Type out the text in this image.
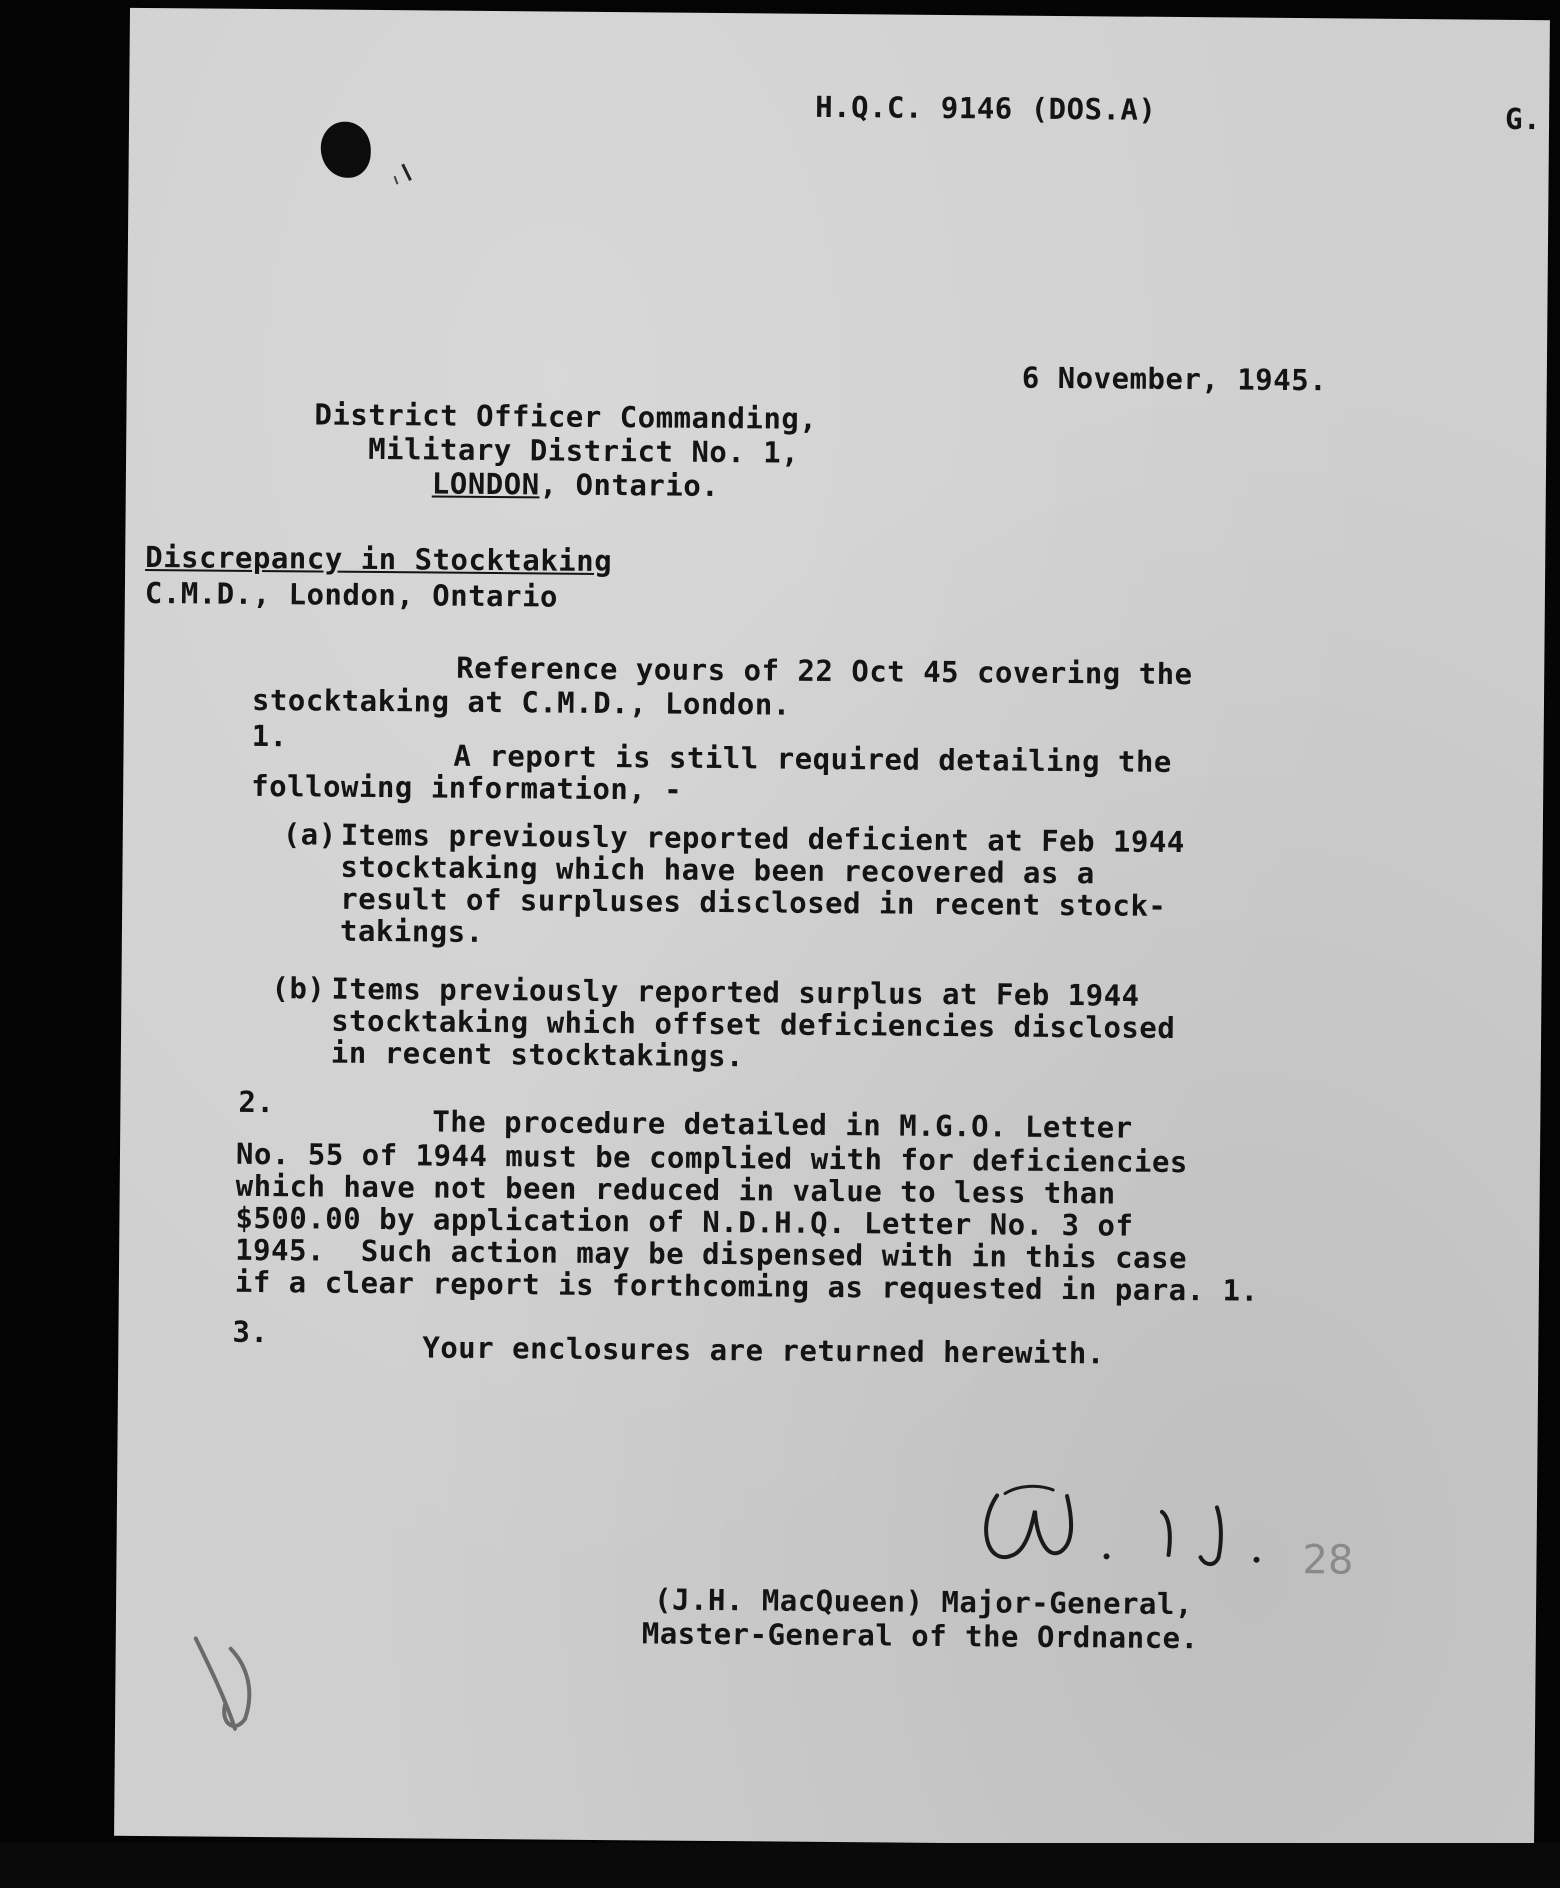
H.Q.C. 9146 (DOS.A)	G.
6 November, 1945.
District Officer Commanding,
Military District No. 1,
LONDON, Ontario.
Discrepancy in Stocktaking
C.M.D., London, Ontario
Reference yours of 22 Oct 45 covering the
stocktaking at C.M.D., London.
1.
A report is still required detailing the
following information, -
(a) Items previously reported deficient at Feb 1944
stocktaking which have been recovered as a
result of surpluses disclosed in recent stock-
takings.
(b) Items previously reported surplus at Feb 1944
stocktaking which offset deficiencies disclosed
in recent stocktakings.
2.
The procedure detailed in M.G.O. Letter
No. 55 of 1944 must be complied with for deficiencies
which have not been reduced in value to less than
$500.00 by application of N.D.H.Q. Letter No. 3 of
1945.  Such action may be dispensed with in this case
if a clear report is forthcoming as requested in para. 1.
3.	Your enclosures are returned herewith.
28
(J.H. MacQueen) Major-General,
Master-General of the Ordnance.
